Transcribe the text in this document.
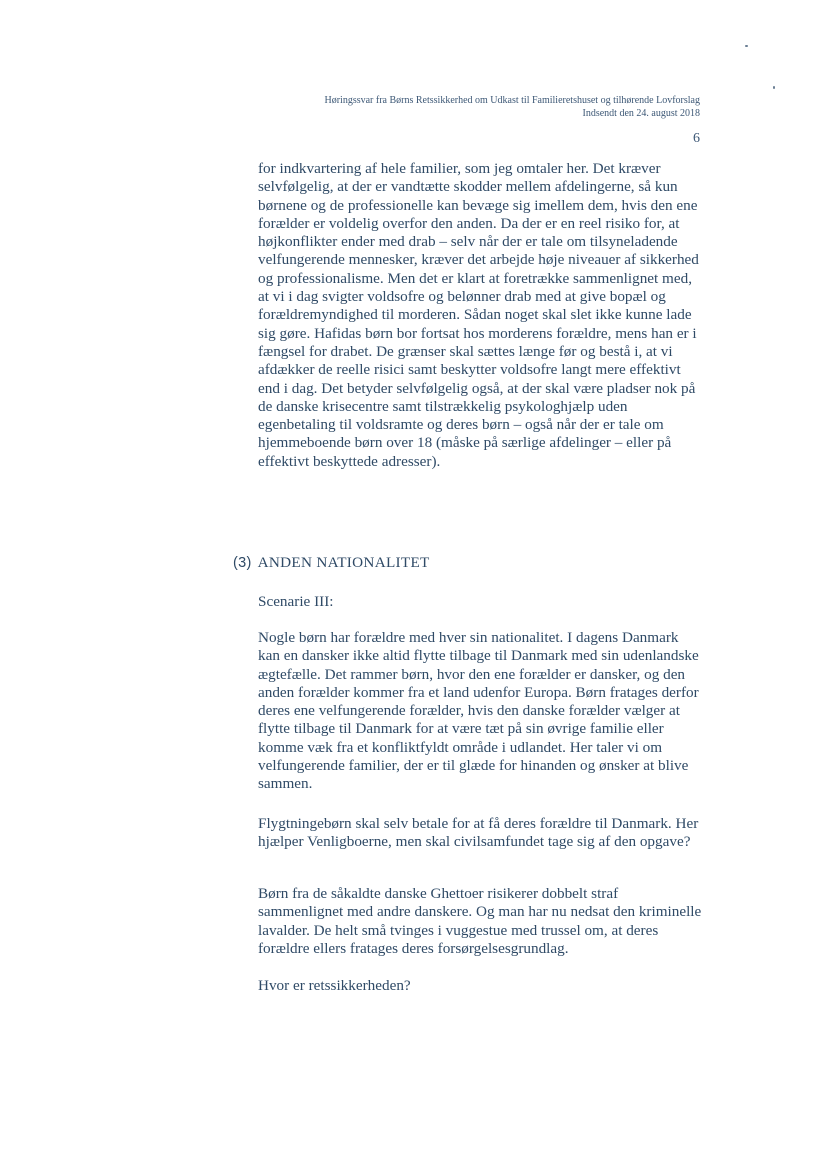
Høringssvar fra Børns Retssikkerhed om Udkast til Familieretshuset og tilhørende Lovforslag
Indsendt den 24. august 2018
6

for indkvartering af hele familier, som jeg omtaler her. Det kræver selvfølgelig, at der er vandtætte skodder mellem afdelingerne, så kun børnene og de professionelle kan bevæge sig imellem dem, hvis den ene forælder er voldelig overfor den anden. Da der er en reel risiko for, at højkonflikter ender med drab – selv når der er tale om tilsyneladende velfungerende mennesker, kræver det arbejde høje niveauer af sikkerhed og professionalisme. Men det er klart at foretrække sammenlignet med, at vi i dag svigter voldsofre og belønner drab med at give bopæl og forældremyndighed til morderen. Sådan noget skal slet ikke kunne lade sig gøre. Hafidas børn bor fortsat hos morderens forældre, mens han er i fængsel for drabet. De grænser skal sættes længe før og bestå i, at vi afdækker de reelle risici samt beskytter voldsofre langt mere effektivt end i dag. Det betyder selvfølgelig også, at der skal være pladser nok på de danske krisecentre samt tilstrækkelig psykologhjælp uden egenbetaling til voldsramte og deres børn – også når der er tale om hjemmeboende børn over 18 (måske på særlige afdelinger – eller på effektivt beskyttede adresser).

(3) ANDEN NATIONALITET

Scenarie III:

Nogle børn har forældre med hver sin nationalitet. I dagens Danmark kan en dansker ikke altid flytte tilbage til Danmark med sin udenlandske ægtefælle. Det rammer børn, hvor den ene forælder er dansker, og den anden forælder kommer fra et land udenfor Europa. Børn fratages derfor deres ene velfungerende forælder, hvis den danske forælder vælger at flytte tilbage til Danmark for at være tæt på sin øvrige familie eller komme væk fra et konfliktfyldt område i udlandet. Her taler vi om velfungerende familier, der er til glæde for hinanden og ønsker at blive sammen.

Flygtningebørn skal selv betale for at få deres forældre til Danmark. Her hjælper Venligboerne, men skal civilsamfundet tage sig af den opgave?

Børn fra de såkaldte danske Ghettoer risikerer dobbelt straf sammenlignet med andre danskere. Og man har nu nedsat den kriminelle lavalder. De helt små tvinges i vuggestue med trussel om, at deres forældre ellers fratages deres forsørgelsesgrundlag.

Hvor er retssikkerheden?
